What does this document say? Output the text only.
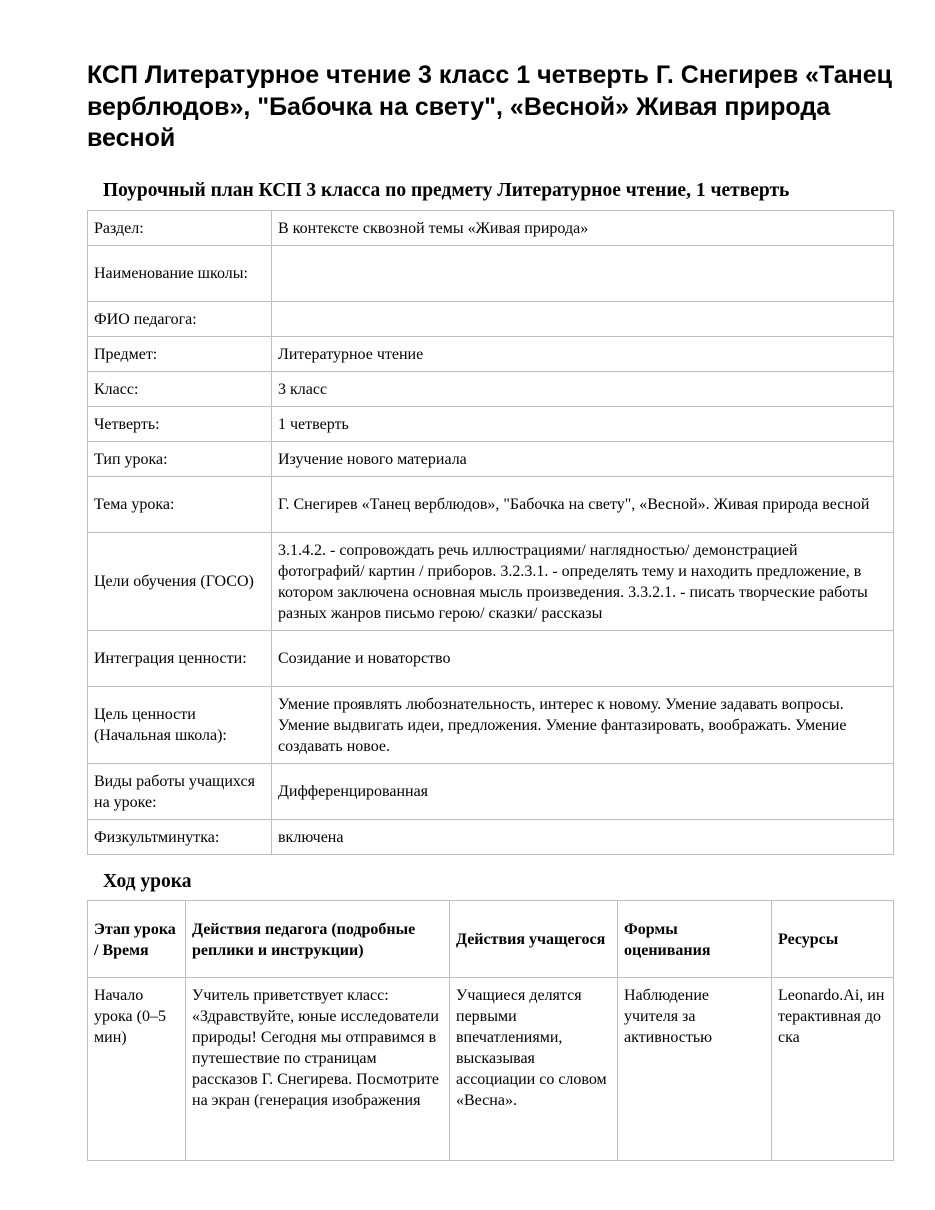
КСП Литературное чтение 3 класс 1 четверть Г. Снегирев «Танец верблюдов», "Бабочка на свету", «Весной» Живая природа весной
Поурочный план КСП 3 класса по предмету Литературное чтение, 1 четверть
Раздел:	В контексте сквозной темы «Живая природа»
Наименование школы:	
ФИО педагога:	
Предмет:	Литературное чтение
Класс:	3 класс
Четверть:	1 четверть
Тип урока:	Изучение нового материала
Тема урока:	Г. Снегирев «Танец верблюдов», "Бабочка на свету", «Весной». Живая природа весной
Цели обучения (ГОСО)	3.1.4.2. - сопровождать речь иллюстрациями/ наглядностью/ демонстрацией фотографий/ картин / приборов. 3.2.3.1. - определять тему и находить предложение, в котором заключена основная мысль произведения. 3.3.2.1. - писать творческие работы разных жанров письмо герою/ сказки/ рассказы
Интеграция ценности:	Созидание и новаторство
Цель ценности (Начальная школа):	Умение проявлять любознательность, интерес к новому. Умение задавать вопросы. Умение выдвигать идеи, предложения. Умение фантазировать, воображать. Умение создавать новое.
Виды работы учащихся на уроке:	Дифференцированная
Физкультминутка:	включена
Ход урока
Этап урока / Время	Действия педагога (подробные реплики и инструкции)	Действия учащегося	Формы оценивания	Ресурсы

Начало урока (0–5 мин)	Учитель приветствует класс: «Здравствуйте, юные исследователи природы! Сегодня мы отправимся в путешествие по страницам рассказов Г. Снегирева. Посмотрите на экран (генерация изображения	Учащиеся делятся первыми впечатлениями, высказывая ассоциации со словом «Весна».	Наблюдение учителя за активностью	Leonardo.Ai, интерактивная доска
